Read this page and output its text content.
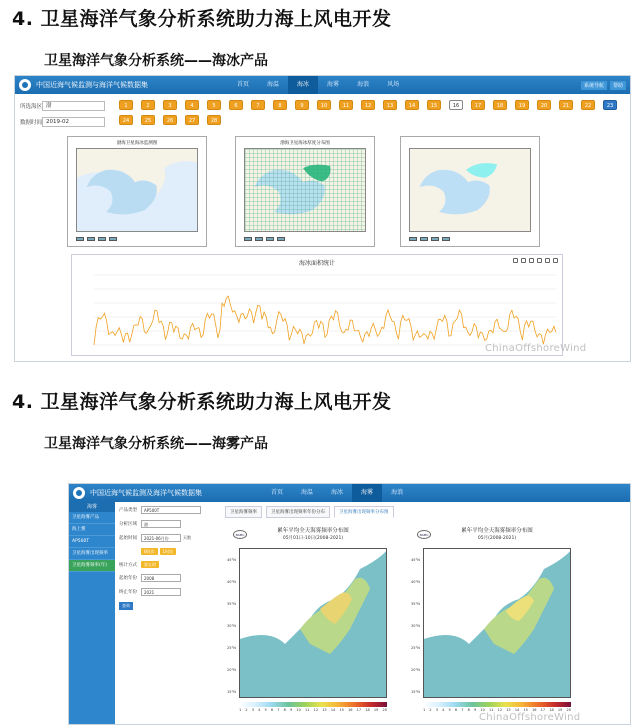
4. 卫星海洋气象分析系统助力海上风电开发
卫星海洋气象分析系统——海冰产品
中国近海气候监测与海洋气候数据集	首页	海温	海冰	海雾	海浪	风场	系统导航	帮助
所选海区 渤
数据时间 2019-02
1	2	3	4	5	6	7	8	9	10	11	12	13	14	15	16	17	18	19	20	21	22	23
24	25	26	27	28
渤海卫星海冰监测图	渤海卫星海冰厚度分布图
海冰面积统计
ChinaOffshoreWind
4. 卫星海洋气象分析系统助力海上风电开发
卫星海洋气象分析系统——海雾产品
中国近海气候监测及海洋气候数据集	首页	海温	海冰	海雾	海浪
海雾
卫星海雾产品
海上雾
AP500T
卫星海雾出现频率
卫星海雾频率(年)
产品类型	AP500T
分析区域	渤
起始时间	2021-06月份	天数
0时次	1时次
统计方式	第五时
起始年份	2008
终止年份	2021
查询
卫星海雾频率	卫星海雾出现频率年份分布	卫星海雾出现频率分布图
NSMC
累年平均全天海雾频率分布图
05月01日-10日(2008-2021)
1 2 3 4 5 6 7 8 9 10 11 12 13 14 15 16 17 18 19 20
45°N
40°N
35°N
30°N
25°N
20°N
15°N
NSMC
累年平均全天海雾频率分布图
05月(2008-2021)
1 2 3 4 5 6 7 8 9 10 11 12 13 14 15 16 17 18 19 20
45°N
40°N
35°N
30°N
25°N
20°N
15°N
ChinaOffshoreWind
